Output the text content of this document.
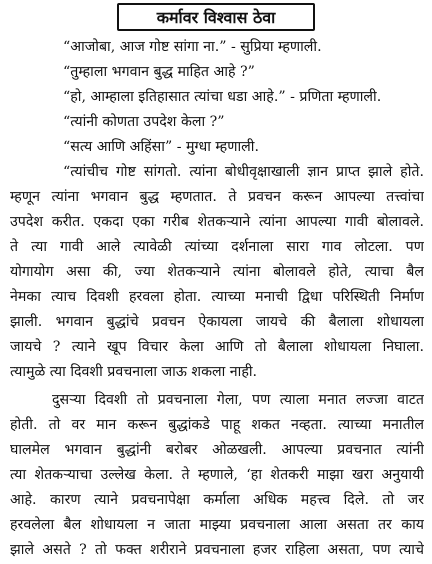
कर्मावर विश्वास ठेवा
“आजोबा, आज गोष्ट सांगा ना.” - सुप्रिया म्हणाली.
“तुम्हाला भगवान बुद्ध माहित आहे ?”
“हो, आम्हाला इतिहासात त्यांचा धडा आहे.” - प्रणिता म्हणाली.
“त्यांनी कोणता उपदेश केला ?”
“सत्य आणि अहिंसा” - मुग्धा म्हणाली.
“त्यांचीच गोष्ट सांगतो. त्यांना बोधीवृक्षाखाली ज्ञान प्राप्त झाले होते.
म्हणून त्यांना भगवान बुद्ध म्हणतात. ते प्रवचन करून आपल्या तत्त्वांचा
उपदेश करीत. एकदा एका गरीब शेतकऱ्याने त्यांना आपल्या गावी बोलावले.
ते त्या गावी आले त्यावेळी त्यांच्या दर्शनाला सारा गाव लोटला. पण
योगायोग असा की, ज्या शेतकऱ्याने त्यांना बोलावले होते, त्याचा बैल
नेमका त्याच दिवशी हरवला होता. त्याच्या मनाची द्विधा परिस्थिती निर्माण
झाली. भगवान बुद्धांचे प्रवचन ऐकायला जायचे की बैलाला शोधायला
जायचे ? त्याने खूप विचार केला आणि तो बैलाला शोधायला निघाला.
त्यामुळे त्या दिवशी प्रवचनाला जाऊ शकला नाही.
दुसऱ्या दिवशी तो प्रवचनाला गेला, पण त्याला मनात लज्जा वाटत
होती. तो वर मान करून बुद्धांकडे पाहू शकत नव्हता. त्याच्या मनातील
घालमेल भगवान बुद्धांनी बरोबर ओळखली. आपल्या प्रवचनात त्यांनी
त्या शेतकऱ्याचा उल्लेख केला. ते म्हणाले, ‘हा शेतकरी माझा खरा अनुयायी
आहे. कारण त्याने प्रवचनापेक्षा कर्माला अधिक महत्त्व दिले. तो जर
हरवलेला बैल शोधायला न जाता माझ्या प्रवचनाला आला असता तर काय
झाले असते ? तो फक्त शरीराने प्रवचनाला हजर राहिला असता, पण त्याचे
